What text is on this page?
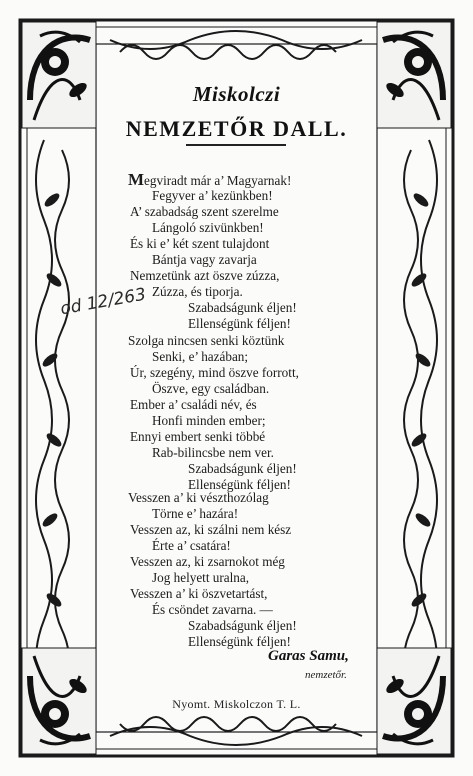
Miskolczi
NEMZETŐR DALL.
od 12/263
Megviradt már a’ Magyarnak!
Fegyver a’ kezünkben!
A’ szabadság szent szerelme
Lángoló szivünkben!
És ki e’ két szent tulajdont
Bántja vagy zavarja
Nemzetünk azt öszve zúzza,
Zúzza, és tiporja.
Szabadságunk éljen!
Ellenségünk féljen!
Szolga nincsen senki köztünk
Senki, e’ hazában;
Úr, szegény, mind öszve forrott,
Öszve, egy családban.
Ember a’ családi név, és
Honfi minden ember;
Ennyi embert senki többé
Rab-bilincsbe nem ver.
Szabadságunk éljen!
Ellenségünk féljen!
Vesszen a’ ki vészthozólag
Törne e’ hazára!
Vesszen az, ki szálni nem kész
Érte a’ csatára!
Vesszen az, ki zsarnokot még
Jog helyett uralna,
Vesszen a’ ki öszvetartást,
És csöndet zavarna. —
Szabadságunk éljen!
Ellenségünk féljen!
Garas Samu,
nemzetőr.
Nyomt. Miskolczon T. L.
